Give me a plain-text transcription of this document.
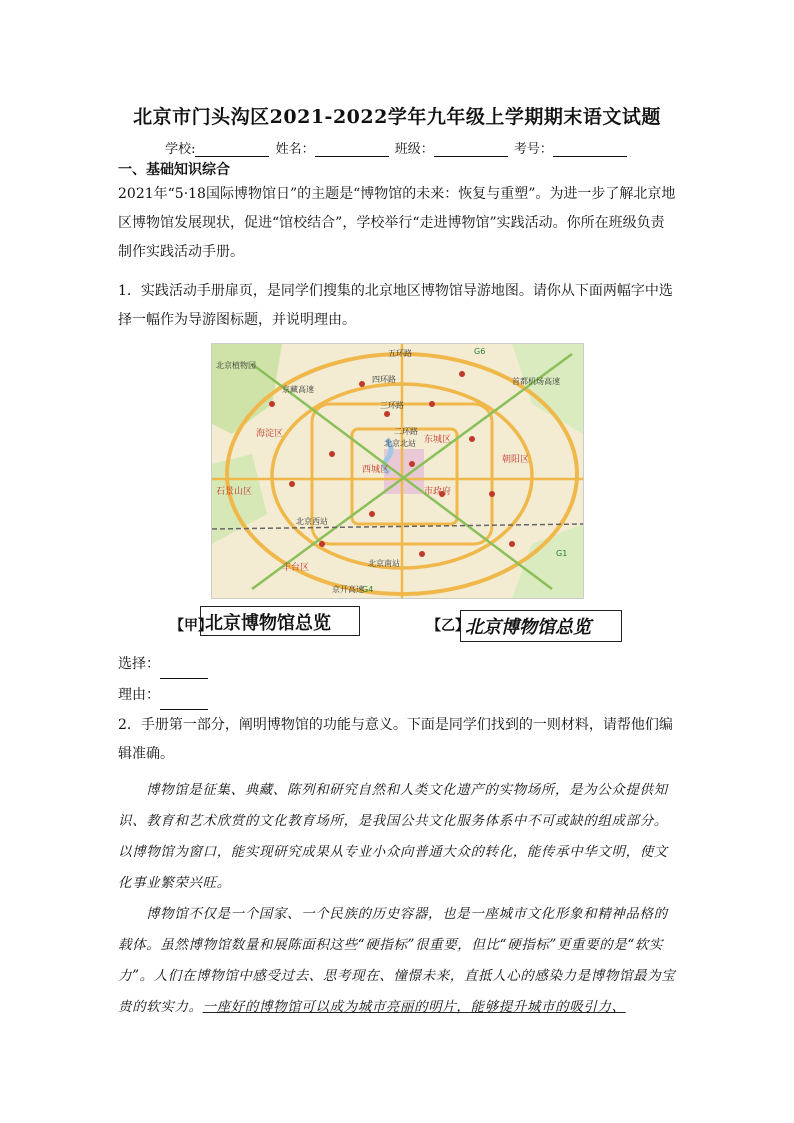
北京市门头沟区2021-2022学年九年级上学期期末语文试题
学校:	姓名：	班级：	考号：
一、基础知识综合
2021年“5·18国际博物馆日”的主题是“博物馆的未来：恢复与重塑”。为进一步了解北京地区博物馆发展现状，促进“馆校结合”，学校举行“走进博物馆”实践活动。你所在班级负责制作实践活动手册。
1．实践活动手册扉页，是同学们搜集的北京地区博物馆导游地图。请你从下面两幅字中选择一幅作为导游图标题，并说明理由。
五环路
四环路
三环路
二环路
北京植物园
海淀区
西城区
东城区
朝阳区
丰台区
石景山区	市政府
北京南站
北京西站
北京北站
京开高速
京藏高速
首都机场高速
G1
G4
G6
【甲】
北京博物馆总览	【乙】
北京博物馆总览
选择：
理由：
2．手册第一部分，阐明博物馆的功能与意义。下面是同学们找到的一则材料，请帮他们编辑准确。
博物馆是征集、典藏、陈列和研究自然和人类文化遗产的实物场所，是为公众提供知识、教育和艺术欣赏的文化教育场所，是我国公共文化服务体系中不可或缺的组成部分。以博物馆为窗口，能实现研究成果从专业小众向普通大众的转化，能传承中华文明，使文化事业繁荣兴旺。
博物馆不仅是一个国家、一个民族的历史容器，也是一座城市文化形象和精神品格的载体。虽然博物馆数量和展陈面积这些“硬指标”很重要，但比“硬指标”更重要的是“软实力”。人们在博物馆中感受过去、思考现在、憧憬未来，直抵人心的感染力是博物馆最为宝贵的软实力。一座好的博物馆可以成为城市亮丽的明片，能够提升城市的吸引力、
